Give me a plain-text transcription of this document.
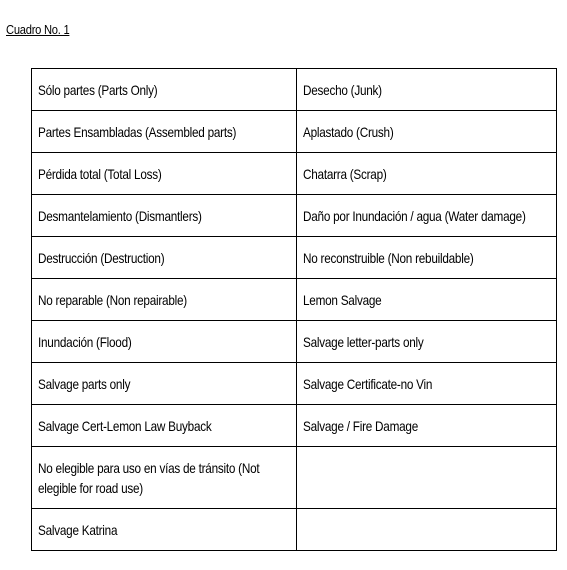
Cuadro No. 1
Sólo partes (Parts Only)	Desecho (Junk)
Partes Ensambladas (Assembled parts)	Aplastado (Crush)
Pérdida total (Total Loss)	Chatarra (Scrap)
Desmantelamiento (Dismantlers)	Daño por Inundación / agua (Water damage)
Destrucción (Destruction)	No reconstruible (Non rebuildable)
No reparable (Non repairable)	Lemon Salvage
Inundación (Flood)	Salvage letter-parts only
Salvage parts only	Salvage Certificate-no Vin
Salvage Cert-Lemon Law Buyback	Salvage / Fire Damage
No elegible para uso en vías de tránsito (Not elegible for road use)	
Salvage Katrina	
